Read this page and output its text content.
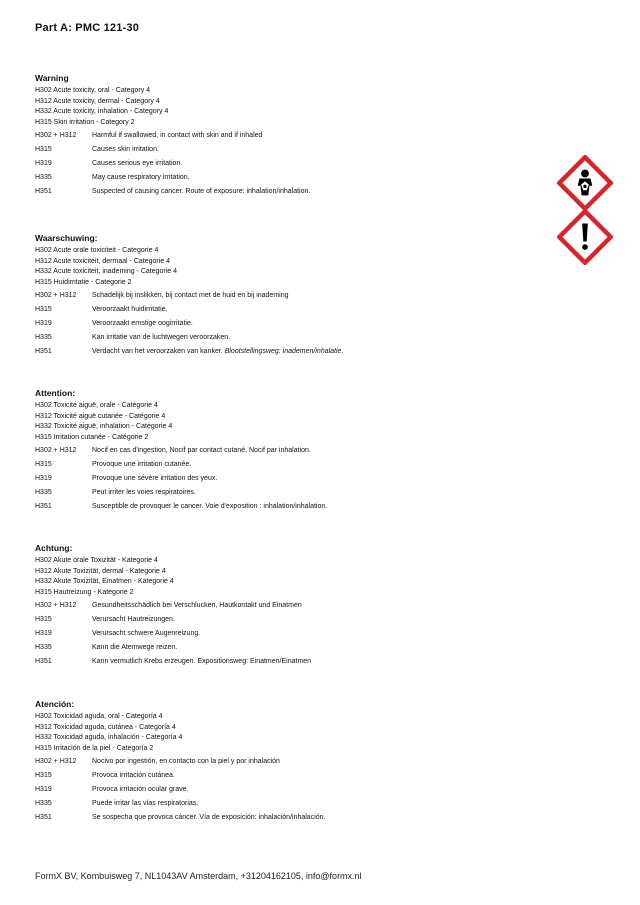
Part A: PMC 121-30
Warning
H302 Acute toxicity, oral - Category 4
H312 Acute toxicity, dermal - Category 4
H332 Acute toxicity, inhalation - Category 4
H315 Skin irritation - Category 2
H302 + H312	Harmful if swallowed, in contact with skin and if inhaled
H315	Causes skin irritation.
H319	Causes serious eye irritation.
H335	May cause respiratory irritation.
H351	Suspected of causing cancer. Route of exposure: inhalation/inhalation.
Waarschuwing:
H302 Acute orale toxiciteit - Categorie 4
H312 Acute toxiciteit, dermaal - Categorie 4
H332 Acute toxiciteit, inademing - Categorie 4
H315 Huidirritatie - Categorie 2
H302 + H312	Schadelijk bij inslikken, bij contact met de huid en bij inademing
H315	Veroorzaakt huidirritatie.
H319	Veroorzaakt ernstige oogirritatie.
H335	Kan irritatie van de luchtwegen veroorzaken.
H351	Verdacht van het veroorzaken van kanker. Blootstellingsweg: inademen/inhalatie.
Attention:
H302 Toxicité aiguë, orale - Catégorie 4
H312 Toxicité aiguë cutanée - Catégorie 4
H332 Toxicité aiguë, inhalation - Catégorie 4
H315 Irritation cutanée - Catégorie 2
H302 + H312	Nocif en cas d'ingestion, Nocif par contact cutané, Nocif par inhalation.
H315	Provoque une irritation cutanée.
H319	Provoque une sévère irritation des yeux.
H335	Peut irriter les voies respiratoires.
H351	Susceptible de provoquer le cancer. Voie d'exposition : inhalation/inhalation.
Achtung:
H302 Akute orale Toxizität - Kategorie 4
H312 Akute Toxizität, dermal - Kategorie 4
H332 Akute Toxizität, Einatmen - Kategorie 4
H315 Hautreizung - Kategorie 2
H302 + H312	Gesundheitsschädlich bei Verschlucken, Hautkontakt und Einatmen
H315	Verursacht Hautreizungen.
H319	Verursacht schwere Augenreizung.
H335	Kann die Atemwege reizen.
H351	Kann vermutlich Krebs erzeugen. Expositionsweg: Einatmen/Einatmen
Atención:
H302 Toxicidad aguda, oral - Categoría 4
H312 Toxicidad aguda, cutánea - Categoría 4
H332 Toxicidad aguda, inhalación - Categoría 4
H315 Irritación de la piel - Categoría 2
H302 + H312	Nocivo por ingestión, en contacto con la piel y por inhalación
H315	Provoca irritación cutánea.
H319	Provoca irritación ocular grave.
H335	Puede irritar las vías respiratorias.
H351	Se sospecha que provoca cáncer. Vía de exposición: inhalación/inhalación.
FormX BV, Kombuisweg 7, NL1043AV Amsterdam, +31204162105, info@formx.nl
